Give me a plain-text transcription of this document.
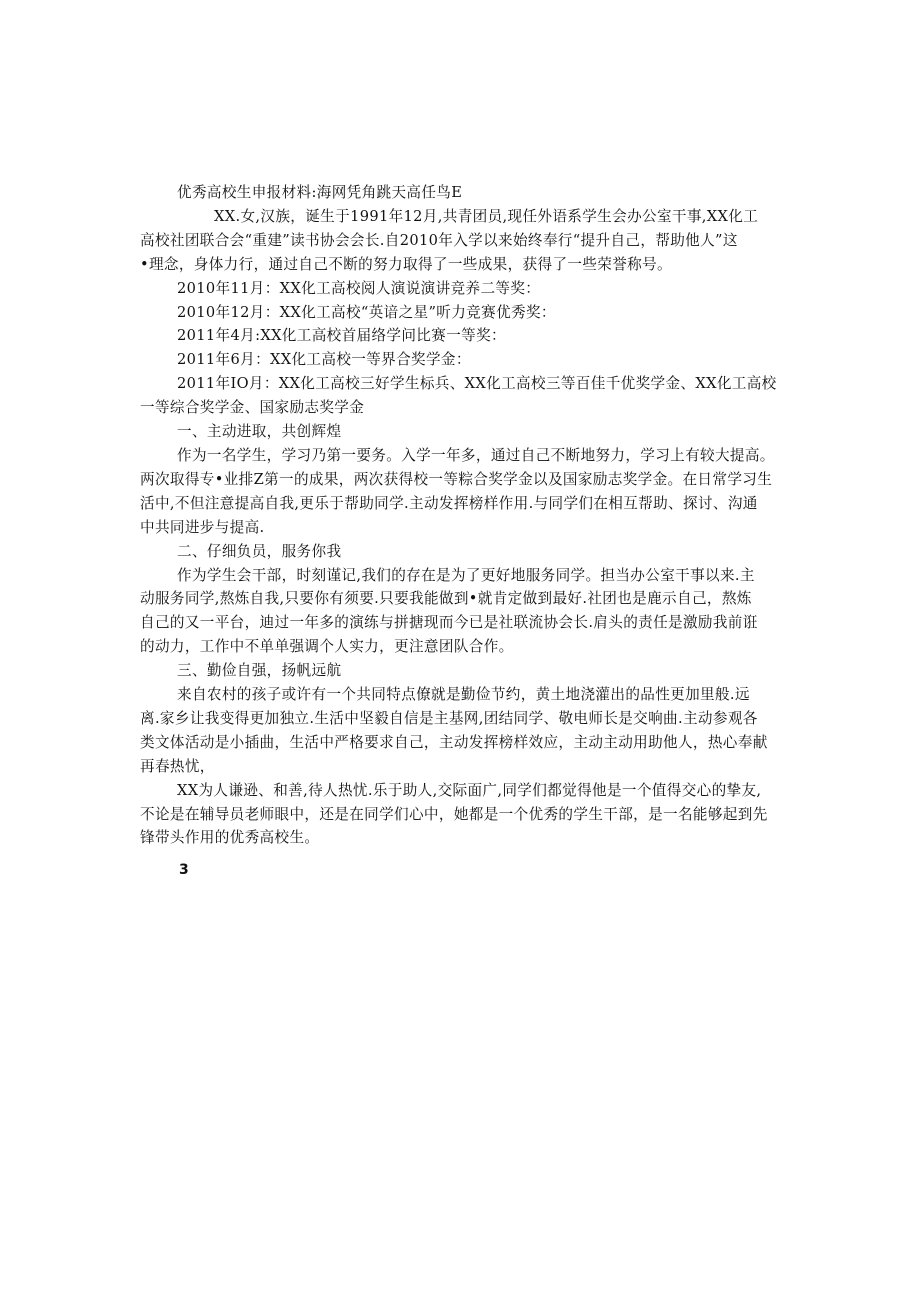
优秀高校生申报材料:海网凭角跳天高任鸟E
XX.女,汉族，诞生于1991年12月,共青团员,现任外语系学生会办公室干事,XX化工
高校社团联合会“重建”读书协会会长.自2010年入学以来始终奉行“提升自己，帮助他人”这
•理念，身体力行，通过自己不断的努力取得了一些成果，获得了一些荣誉称号。
2010年11月：XX化工高校阅人演说演讲竞养二等奖：
2010年12月：XX化工高校“英谙之星”听力竞赛优秀奖：
2011年4月:XX化工高校首届络学问比赛一等奖：
2011年6月：XX化工高校一等界合奖学金：
2011年IO月：XX化工高校三好学生标兵、XX化工高校三等百佳千优奖学金、XX化工高校
一等综合奖学金、国家励志奖学金
一、主动进取，共创辉煌
作为一名学生，学习乃第一要务。入学一年多，通过自己不断地努力，学习上有较大提高。
两次取得专•业排Z第一的成果，两次获得校一等粽合奖学金以及国家励志奖学金。在日常学习生
活中,不但注意提高自我,更乐于帮助同学.主动发挥榜样作用.与同学们在相互帮助、探讨、沟通
中共同进步与提高.
二、仔细负员，服务你我
作为学生会干部，时刻谨记,我们的存在是为了更好地服务同学。担当办公室干事以来.主
动服务同学,熬炼自我,只要你有须要.只要我能做到•就肯定做到最好.社团也是鹿示自己，熬炼
自己的又一平台，迪过一年多的演练与拼搪现而今已是社联流协会长.肩头的责任是激励我前诳
的动力，工作中不单单强调个人实力，更注意团队合作。
三、勤俭自强，扬帆远航
来自农村的孩子或许有一个共同特点僚就是勤俭节约，黄土地浇灌出的品性更加里般.远
离.家乡让我变得更加独立.生活中坚毅自信是主基网,团结同学、敬电师长是交响曲.主动参观各
类文体活动是小插曲，生活中严格要求自己，主动发挥榜样效应，主动主动用助他人，热心奉献
再春热忧，
XX为人谦逊、和善,待人热忧.乐于助人,交际面广,同学们都觉得他是一个值得交心的挚友,
不论是在辅导员老师眼中，还是在同学们心中，她都是一个优秀的学生干部，是一名能够起到先
锋带头作用的优秀高校生。
3
